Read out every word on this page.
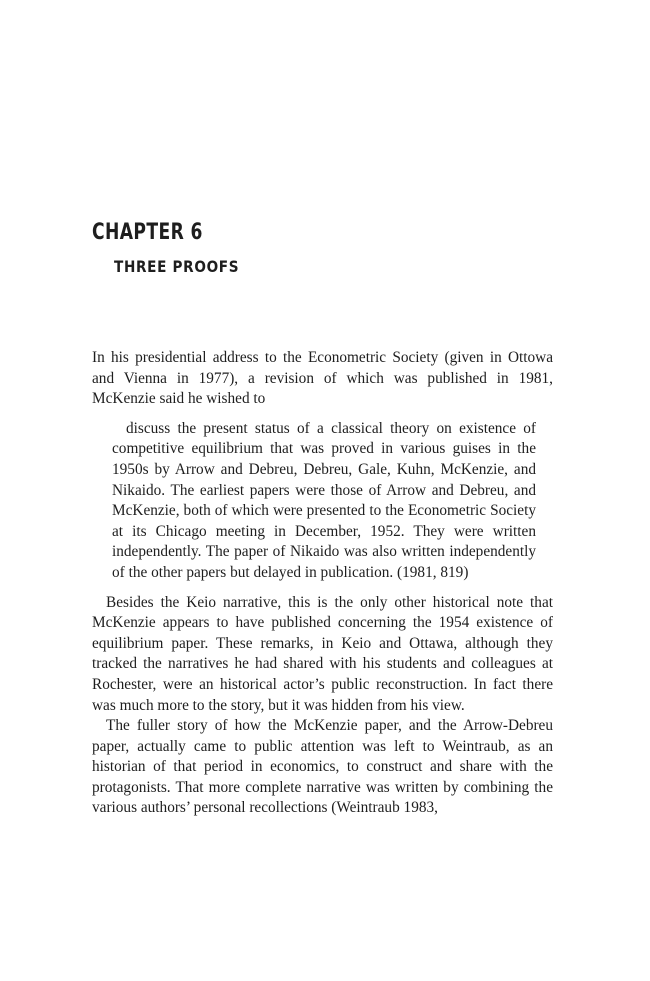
CHAPTER 6
THREE PROOFS

In his presidential address to the Econometric Society (given in Ottowa and Vienna in 1977), a revision of which was published in 1981, McKenzie said he wished to

discuss the present status of a classical theory on existence of competitive equilibrium that was proved in various guises in the 1950s by Arrow and Debreu, Debreu, Gale, Kuhn, McKenzie, and Nikaido. The earliest papers were those of Arrow and Debreu, and McKenzie, both of which were presented to the Econometric Society at its Chicago meeting in December, 1952. They were written independently. The paper of Nikaido was also written independently of the other papers but delayed in publication. (1981, 819)

Besides the Keio narrative, this is the only other historical note that McKenzie appears to have published concerning the 1954 existence of equilibrium paper. These remarks, in Keio and Ottawa, although they tracked the narratives he had shared with his students and colleagues at Rochester, were an historical actor’s public reconstruction. In fact there was much more to the story, but it was hidden from his view.

The fuller story of how the McKenzie paper, and the Arrow-Debreu paper, actually came to public attention was left to Weintraub, as an historian of that period in economics, to construct and share with the protagonists. That more complete narrative was written by combining the various authors’ personal recollections (Weintraub 1983,
